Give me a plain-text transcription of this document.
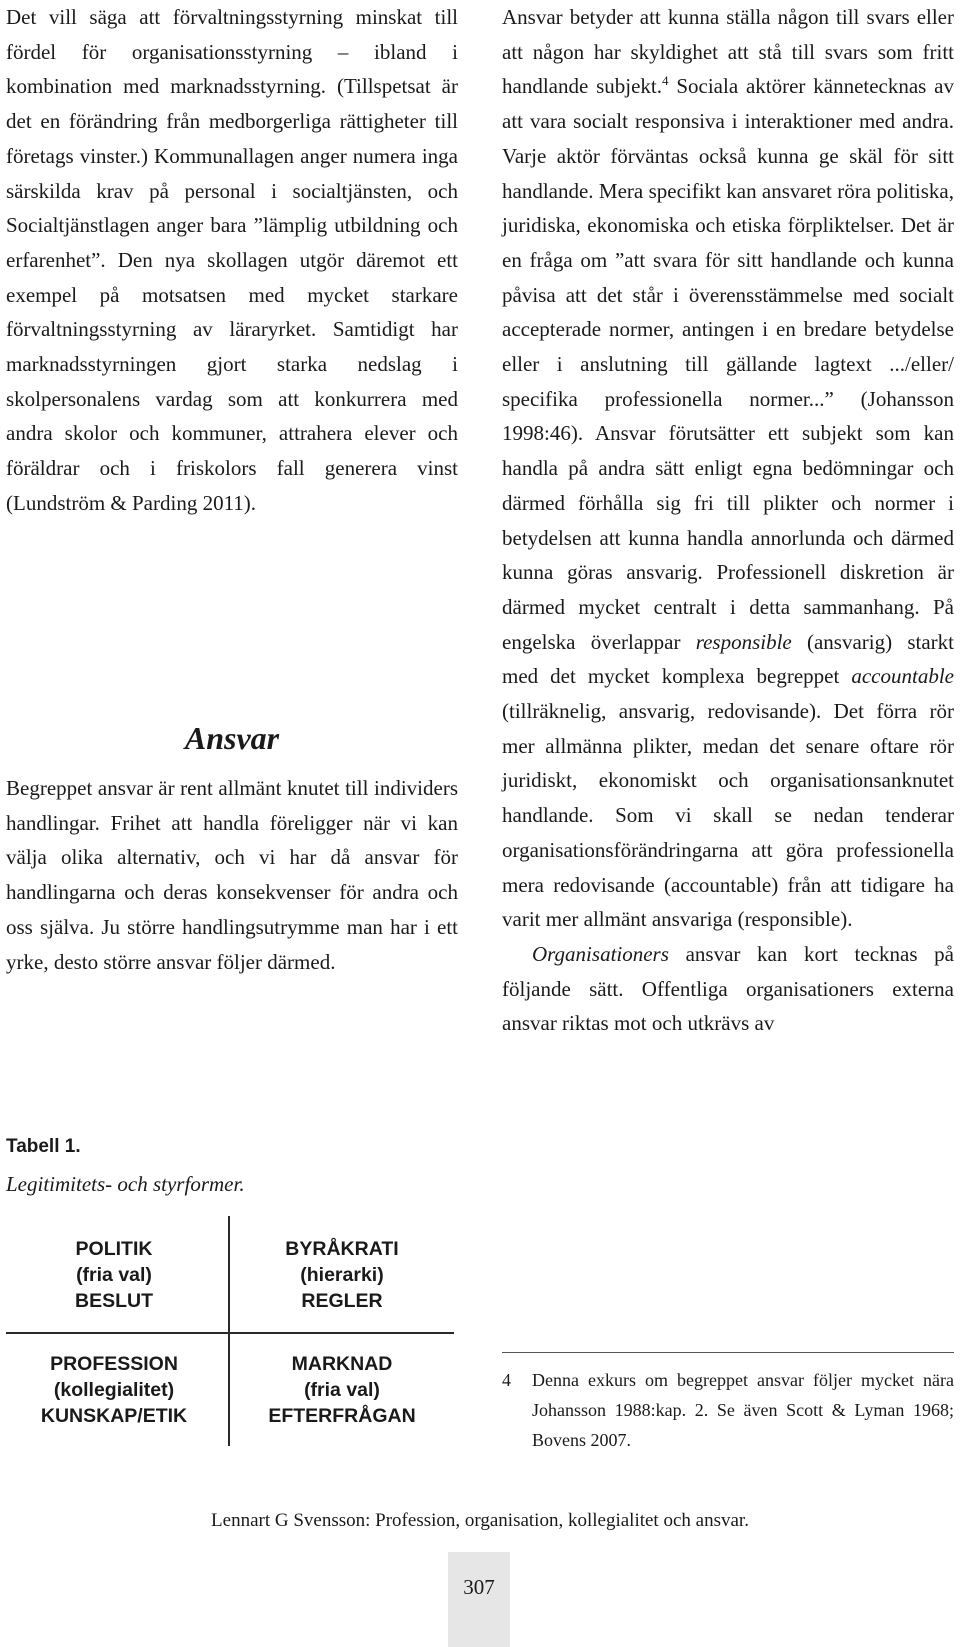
Det vill säga att förvaltningsstyrning minskat till fördel för organisationsstyrning – ibland i kombination med marknadsstyrning. (Tillspetsat är det en förändring från medborgerliga rättigheter till företags vinster.) Kommunallagen anger numera inga särskilda krav på personal i socialtjänsten, och Socialtjänstlagen anger bara ”lämplig utbildning och erfarenhet”. Den nya skollagen utgör däremot ett exempel på motsatsen med mycket starkare förvaltningsstyrning av läraryrket. Samtidigt har marknadsstyrningen gjort starka nedslag i skolpersonalens vardag som att konkurrera med andra skolor och kommuner, attrahera elever och föräldrar och i friskolors fall generera vinst (Lundström & Parding 2011).

Ansvar

Begreppet ansvar är rent allmänt knutet till individers handlingar. Frihet att handla föreligger när vi kan välja olika alternativ, och vi har då ansvar för handlingarna och deras konsekvenser för andra och oss själva. Ju större handlingsutrymme man har i ett yrke, desto större ansvar följer därmed.

Tabell 1.
Legitimitets- och styrformer.
POLITIK
(fria val)
BESLUT
BYRÅKRATI
(hierarki)
REGLER
PROFESSION
(kollegialitet)
KUNSKAP/ETIK
MARKNAD
(fria val)
EFTERFRÅGAN

Ansvar betyder att kunna ställa någon till svars eller att någon har skyldighet att stå till svars som fritt handlande subjekt.$^4$ Sociala aktörer kännetecknas av att vara socialt responsiva i interaktioner med andra. Varje aktör förväntas också kunna ge skäl för sitt handlande. Mera specifikt kan ansvaret röra politiska, juridiska, ekonomiska och etiska förpliktelser. Det är en fråga om ”att svara för sitt handlande och kunna påvisa att det står i överensstämmelse med socialt accepterade normer, antingen i en bredare betydelse eller i anslutning till gällande lagtext .../eller/ specifika professionella normer...” (Johansson 1998:46). Ansvar förutsätter ett subjekt som kan handla på andra sätt enligt egna bedömningar och därmed förhålla sig fri till plikter och normer i betydelsen att kunna handla annorlunda och därmed kunna göras ansvarig. Professionell diskretion är därmed mycket centralt i detta sammanhang. På engelska överlappar responsible (ansvarig) starkt med det mycket komplexa begreppet accountable (tillräknelig, ansvarig, redovisande). Det förra rör mer allmänna plikter, medan det senare oftare rör juridiskt, ekonomiskt och organisationsanknutet handlande. Som vi skall se nedan tenderar organisationsförändringarna att göra professionella mera redovisande (accountable) från att tidigare ha varit mer allmänt ansvariga (responsible).

Organisationers ansvar kan kort tecknas på följande sätt. Offentliga organisationers externa ansvar riktas mot och utkrävs av

4 Denna exkurs om begreppet ansvar följer mycket nära Johansson 1988:kap. 2. Se även Scott & Lyman 1968; Bovens 2007.
Lennart G Svensson: Profession, organisation, kollegialitet och ansvar.
307
